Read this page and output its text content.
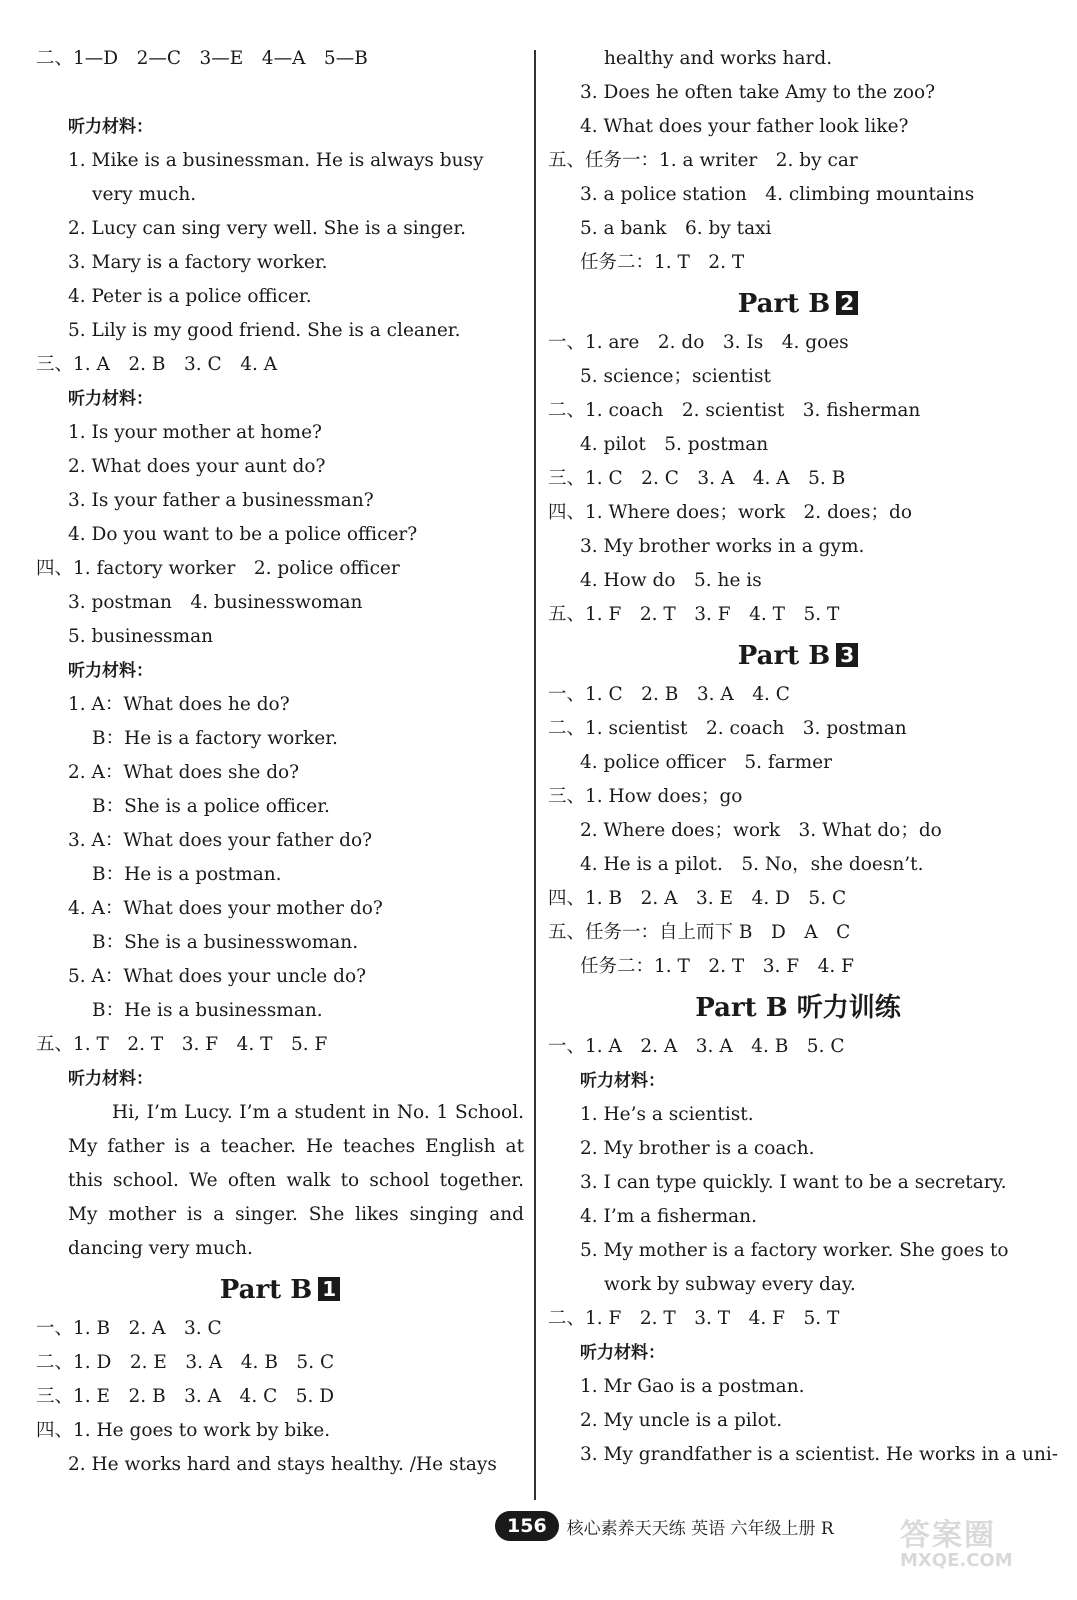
二、1—D　2—C　3—E　4—A　5—B
听力材料：
1. Mike is a businessman. He is always busy
very much.
2. Lucy can sing very well. She is a singer.
3. Mary is a factory worker.
4. Peter is a police officer.
5. Lily is my good friend. She is a cleaner.
三、1. A　2. B　3. C　4. A
听力材料：
1. Is your mother at home?
2. What does your aunt do?
3. Is your father a businessman?
4. Do you want to be a police officer?
四、1. factory worker　2. police officer
3. postman　4. businesswoman
5. businessman
听力材料：
1. A：What does he do?
B：He is a factory worker.
2. A：What does she do?
B：She is a police officer.
3. A：What does your father do?
B：He is a postman.
4. A：What does your mother do?
B：She is a businesswoman.
5. A：What does your uncle do?
B：He is a businessman.
五、1. T　2. T　3. F　4. T　5. F
听力材料：
Hi, I’m Lucy. I’m a student in No. 1 School. My father is a teacher. He teaches English at this school. We often walk to school together. My mother is a singer. She likes singing and dancing very much.
Part B 1
一、1. B　2. A　3. C
二、1. D　2. E　3. A　4. B　5. C
三、1. E　2. B　3. A　4. C　5. D
四、1. He goes to work by bike.
2. He works hard and stays healthy. /He stays
healthy and works hard.
3. Does he often take Amy to the zoo?
4. What does your father look like?
五、任务一：1. a writer　2. by car
3. a police station　4. climbing mountains
5. a bank　6. by taxi
任务二：1. T　2. T
Part B 2
一、1. are　2. do　3. Is　4. goes
5. science；scientist
二、1. coach　2. scientist　3. fisherman
4. pilot　5. postman
三、1. C　2. C　3. A　4. A　5. B
四、1. Where does；work　2. does；do
3. My brother works in a gym.
4. How do　5. he is
五、1. F　2. T　3. F　4. T　5. T
Part B 3
一、1. C　2. B　3. A　4. C
二、1. scientist　2. coach　3. postman
4. police officer　5. farmer
三、1. How does；go
2. Where does；work　3. What do；do
4. He is a pilot.　5. No，she doesn’t.
四、1. B　2. A　3. E　4. D　5. C
五、任务一：自上而下 B　D　A　C
任务二：1. T　2. T　3. F　4. F
Part B 听力训练
一、1. A　2. A　3. A　4. B　5. C
听力材料：
1. He’s a scientist.
2. My brother is a coach.
3. I can type quickly. I want to be a secretary.
4. I’m a fisherman.
5. My mother is a factory worker. She goes to
work by subway every day.
二、1. F　2. T　3. T　4. F　5. T
听力材料：
1. Mr Gao is a postman.
2. My uncle is a pilot.
3. My grandfather is a scientist. He works in a uni-
156	核心素养天天练 英语 六年级上册 R 答案圈
MXQE.COM
